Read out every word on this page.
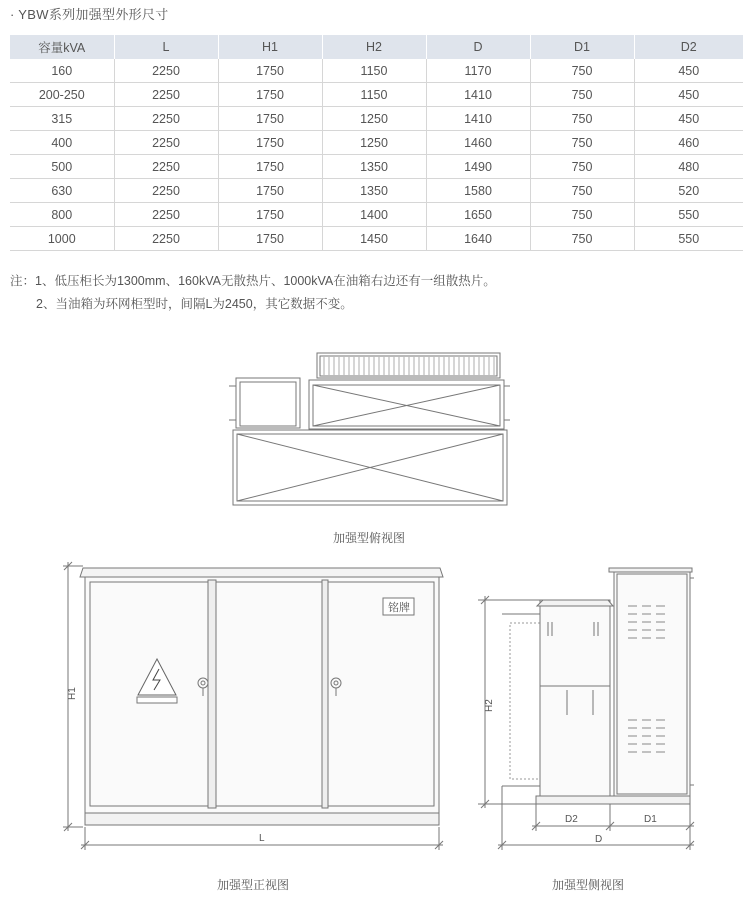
· YBW系列加强型外形尺寸
容量kVA	L	H1	H2	D	D1	D2
160	2250	1750	1150	1170	750	450
200-250	2250	1750	1150	1410	750	450
315	2250	1750	1250	1410	750	450
400	2250	1750	1250	1460	750	460
500	2250	1750	1350	1490	750	480
630	2250	1750	1350	1580	750	520
800	2250	1750	1400	1650	750	550
1000	2250	1750	1450	1640	750	550
注：1、低压柜长为1300mm、160kVA无散热片、1000kVA在油箱右边还有一组散热片。
2、当油箱为环网柜型时，间隔L为2450，其它数据不变。
H1
L
H2
D2	D1
D
铭牌
加强型俯视图
加强型正视图	加强型侧视图
